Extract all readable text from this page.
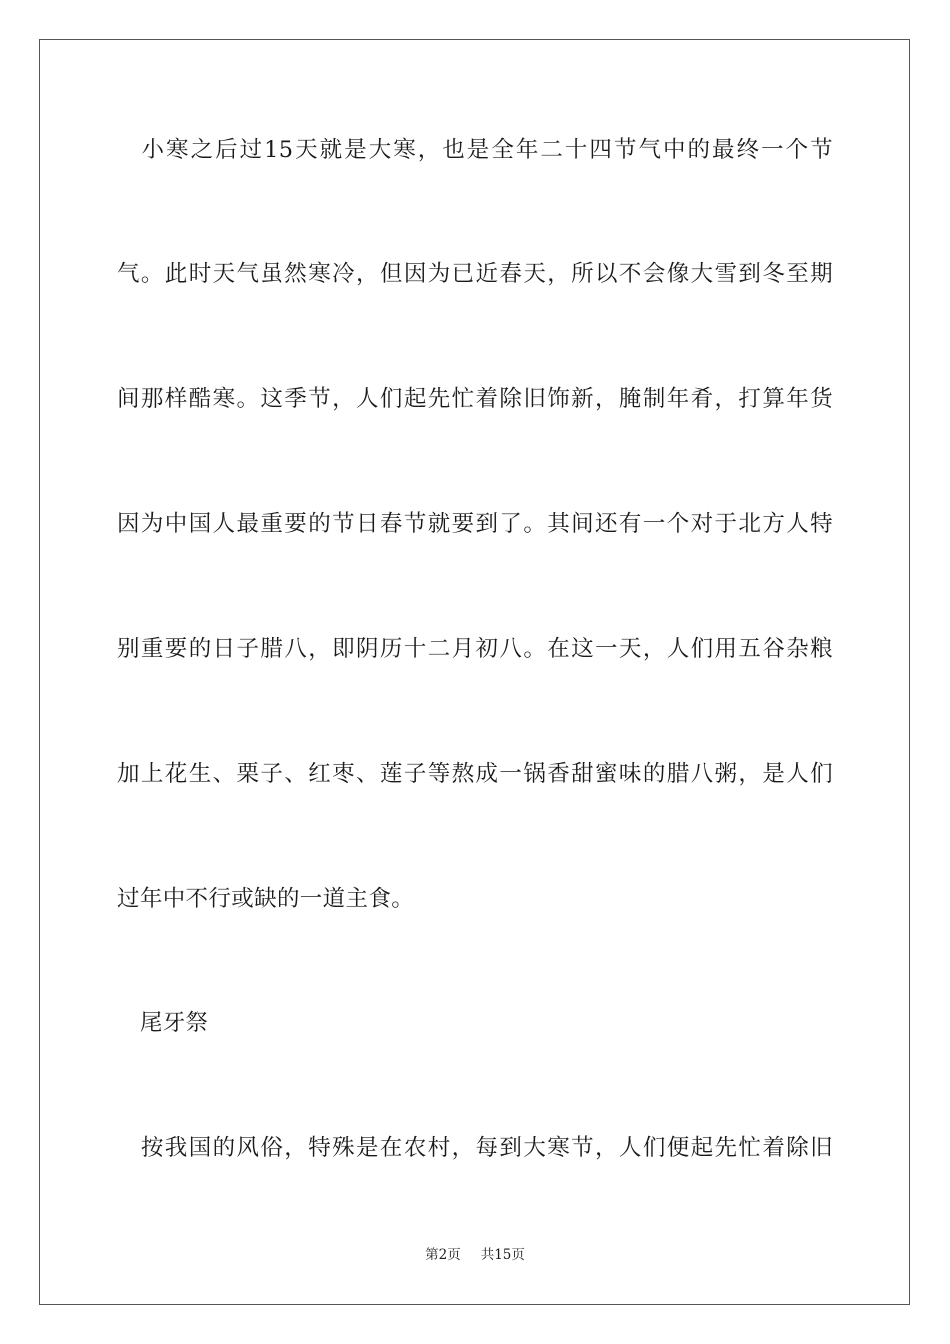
　小寒之后过15天就是大寒，也是全年二十四节气中的最终一个节
气。此时天气虽然寒冷，但因为已近春天，所以不会像大雪到冬至期
间那样酷寒。这季节，人们起先忙着除旧饰新，腌制年肴，打算年货
因为中国人最重要的节日春节就要到了。其间还有一个对于北方人特
别重要的日子腊八，即阴历十二月初八。在这一天，人们用五谷杂粮
加上花生、栗子、红枣、莲子等熬成一锅香甜蜜味的腊八粥，是人们
过年中不行或缺的一道主食。
　尾牙祭
　按我国的风俗，特殊是在农村，每到大寒节，人们便起先忙着除旧
第2页 共15页
